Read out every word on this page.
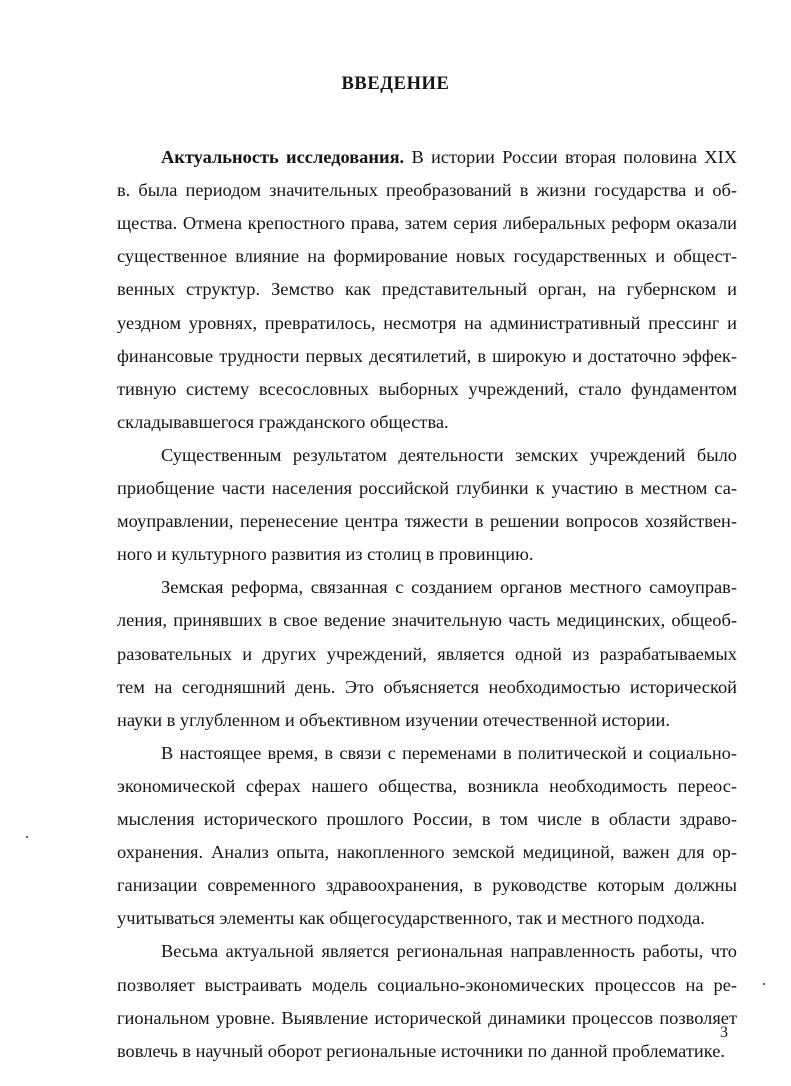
ВВЕДЕНИЕ
Актуальность исследования. В истории России вторая половина XIX
в. была периодом значительных преобразований в жизни государства и об-
щества. Отмена крепостного права, затем серия либеральных реформ оказали
существенное влияние на формирование новых государственных и общест-
венных структур. Земство как представительный орган, на губернском и
уездном уровнях, превратилось, несмотря на административный прессинг и
финансовые трудности первых десятилетий, в широкую и достаточно эффек-
тивную систему всесословных выборных учреждений, стало фундаментом
складывавшегося гражданского общества.
Существенным результатом деятельности земских учреждений было
приобщение части населения российской глубинки к участию в местном са-
моуправлении, перенесение центра тяжести в решении вопросов хозяйствен-
ного и культурного развития из столиц в провинцию.
Земская реформа, связанная с созданием органов местного самоуправ-
ления, принявших в свое ведение значительную часть медицинских, общеоб-
разовательных и других учреждений, является одной из разрабатываемых
тем на сегодняшний день. Это объясняется необходимостью исторической
науки в углубленном и объективном изучении отечественной истории.
В настоящее время, в связи с переменами в политической и социально-
экономической сферах нашего общества, возникла необходимость переос-
мысления исторического прошлого России, в том числе в области здраво-
охранения. Анализ опыта, накопленного земской медициной, важен для ор-
ганизации современного здравоохранения, в руководстве которым должны
учитываться элементы как общегосударственного, так и местного подхода.
Весьма актуальной является региональная направленность работы, что
позволяет выстраивать модель социально-экономических процессов на ре-
гиональном уровне. Выявление исторической динамики процессов позволяет
вовлечь в научный оборот региональные источники по данной проблематике.
3
